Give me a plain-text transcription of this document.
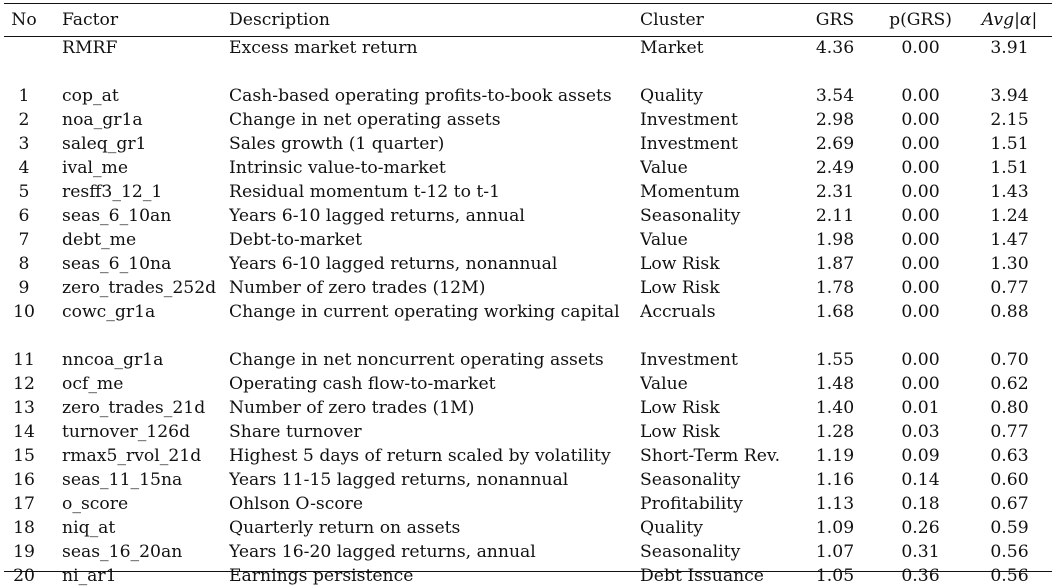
No	Factor	Description	Cluster	GRS	p(GRS)	Avg|α|
	RMRF	Excess market return	Market	4.36	0.00	3.91

1	cop_at	Cash-based operating profits-to-book assets	Quality	3.54	0.00	3.94
2	noa_gr1a	Change in net operating assets	Investment	2.98	0.00	2.15
3	saleq_gr1	Sales growth (1 quarter)	Investment	2.69	0.00	1.51
4	ival_me	Intrinsic value-to-market	Value	2.49	0.00	1.51
5	resff3_12_1	Residual momentum t-12 to t-1	Momentum	2.31	0.00	1.43
6	seas_6_10an	Years 6-10 lagged returns, annual	Seasonality	2.11	0.00	1.24
7	debt_me	Debt-to-market	Value	1.98	0.00	1.47
8	seas_6_10na	Years 6-10 lagged returns, nonannual	Low Risk	1.87	0.00	1.30
9	zero_trades_252d	Number of zero trades (12M)	Low Risk	1.78	0.00	0.77
10	cowc_gr1a	Change in current operating working capital	Accruals	1.68	0.00	0.88

11	nncoa_gr1a	Change in net noncurrent operating assets	Investment	1.55	0.00	0.70
12	ocf_me	Operating cash flow-to-market	Value	1.48	0.00	0.62
13	zero_trades_21d	Number of zero trades (1M)	Low Risk	1.40	0.01	0.80
14	turnover_126d	Share turnover	Low Risk	1.28	0.03	0.77
15	rmax5_rvol_21d	Highest 5 days of return scaled by volatility	Short-Term Rev.	1.19	0.09	0.63
16	seas_11_15na	Years 11-15 lagged returns, nonannual	Seasonality	1.16	0.14	0.60
17	o_score	Ohlson O-score	Profitability	1.13	0.18	0.67
18	niq_at	Quarterly return on assets	Quality	1.09	0.26	0.59
19	seas_16_20an	Years 16-20 lagged returns, annual	Seasonality	1.07	0.31	0.56
20	ni_ar1	Earnings persistence	Debt Issuance	1.05	0.36	0.56
